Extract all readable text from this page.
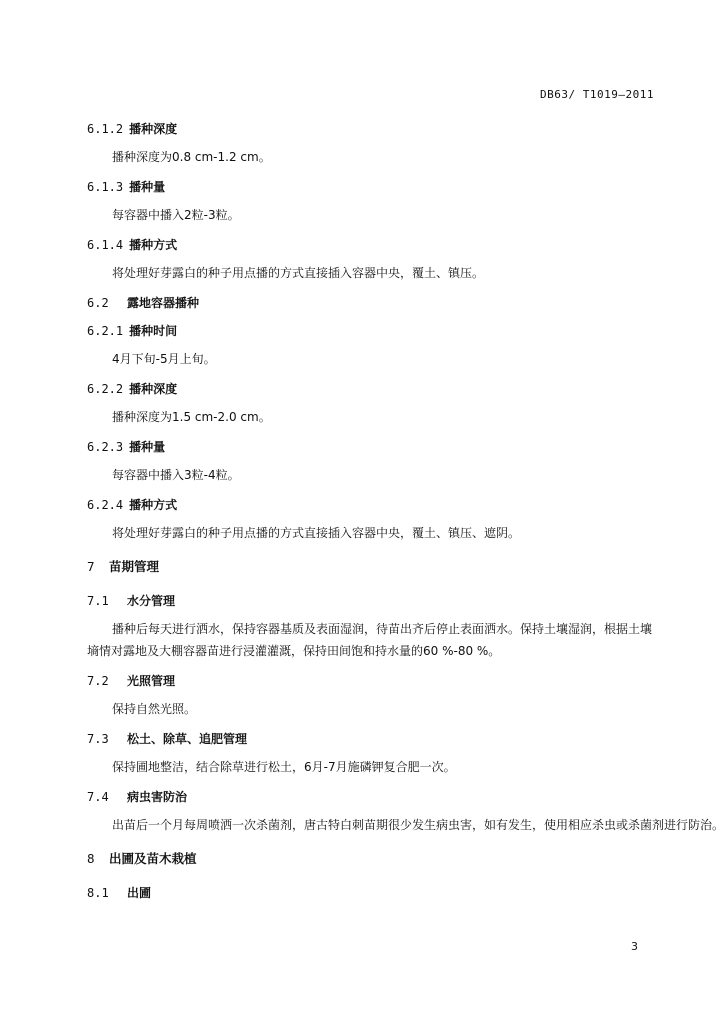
DB63/ T1019—2011
6.1.2 播种深度
播种深度为0.8 cm-1.2 cm。
6.1.3 播种量
每容器中播入2粒-3粒。
6.1.4 播种方式
将处理好芽露白的种子用点播的方式直接插入容器中央，覆土、镇压。
6.2 露地容器播种
6.2.1 播种时间
4月下旬-5月上旬。
6.2.2 播种深度
播种深度为1.5 cm-2.0 cm。
6.2.3 播种量
每容器中播入3粒-4粒。
6.2.4 播种方式
将处理好芽露白的种子用点播的方式直接插入容器中央，覆土、镇压、遮阴。
7 苗期管理
7.1 水分管理
播种后每天进行洒水，保持容器基质及表面湿润，待苗出齐后停止表面洒水。保持土壤湿润，根据土壤墒情对露地及大棚容器苗进行浸灌灌溉，保持田间饱和持水量的60 %-80 %。
7.2 光照管理
保持自然光照。
7.3 松土、除草、追肥管理
保持圃地整洁，结合除草进行松土，6月-7月施磷钾复合肥一次。
7.4 病虫害防治
出苗后一个月每周喷洒一次杀菌剂，唐古特白刺苗期很少发生病虫害，如有发生，使用相应杀虫或杀菌剂进行防治。
8 出圃及苗木栽植
8.1 出圃
3
